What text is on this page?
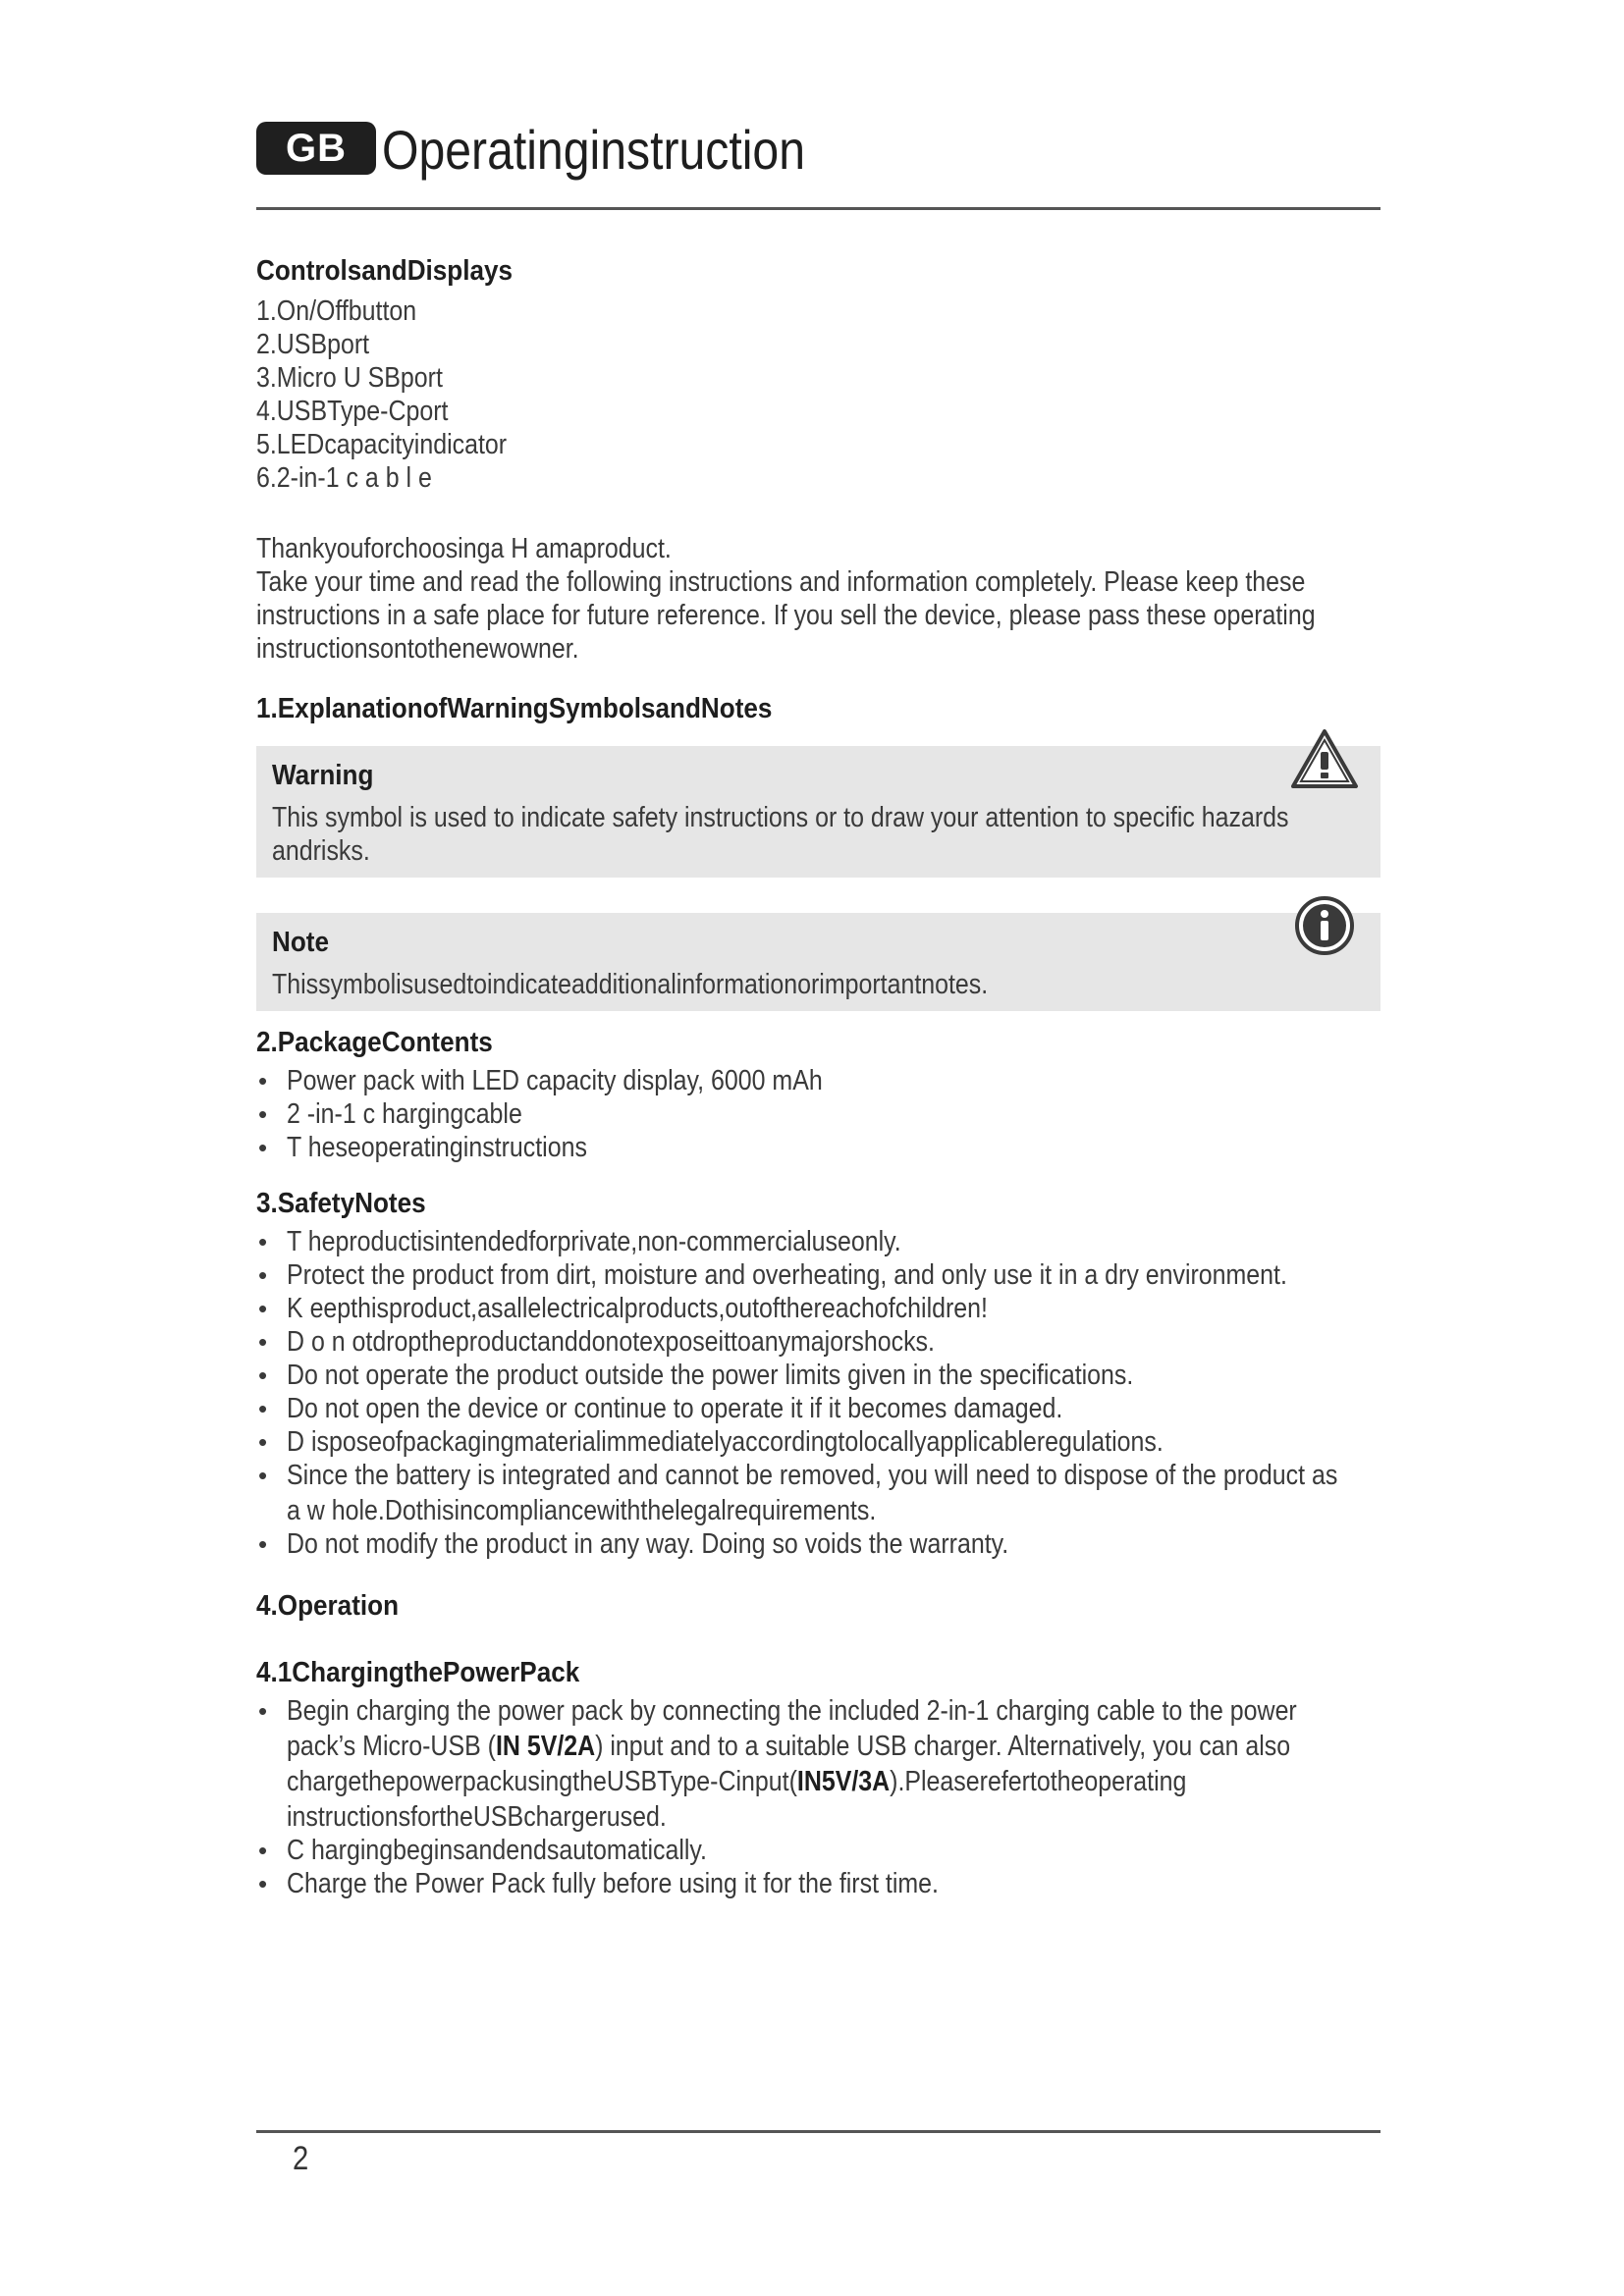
GB Operatinginstruction

ControlsandDisplays

1.On/Offbutton

2.USBport

3.Micro U SBport

4.USBType-Cport

5.LEDcapacityindicator

6.2-in-1 c a b l e

Thankyouforchoosinga H amaproduct.

Take your time and read the following instructions and information completely. Please keep these

instructions in a safe place for future reference. If you sell the device, please pass these operating

instructionsontothenewowner.

1.ExplanationofWarningSymbolsandNotes

Warning

This symbol is used to indicate safety instructions or to draw your attention to specific hazards

andrisks.

Note

Thissymbolisusedtoindicateadditionalinformationorimportantnotes.

2.PackageContents

• Power pack with LED capacity display, 6000 mAh
• 2 -in-1 c hargingcable
• T heseoperatinginstructions

3.SafetyNotes

• T heproductisintendedforprivate,non-commercialuseonly.
• Protect the product from dirt, moisture and overheating, and only use it in a dry environment.
• K eepthisproduct,asallelectricalproducts,outofthereachofchildren!
• D o n otdroptheproductanddonotexposeittoanymajorshocks.
• Do not operate the product outside the power limits given in the specifications.
• Do not open the device or continue to operate it if it becomes damaged.
• D isposeofpackagingmaterialimmediatelyaccordingtolocallyapplicableregulations.
• Since the battery is integrated and cannot be removed, you will need to dispose of the product as
a w hole.Dothisincompliancewiththelegalrequirements.
• Do not modify the product in any way. Doing so voids the warranty.

4.Operation

4.1ChargingthePowerPack

• Begin charging the power pack by connecting the included 2-in-1 charging cable to the power
pack’s Micro-USB (IN 5V/2A) input and to a suitable USB charger. Alternatively, you can also
chargethepowerpackusingtheUSBType-Cinput(IN5V/3A).Pleaserefertotheoperating
instructionsfortheUSBchargerused.
• C hargingbeginsandendsautomatically.
• Charge the Power Pack fully before using it for the first time.
2
